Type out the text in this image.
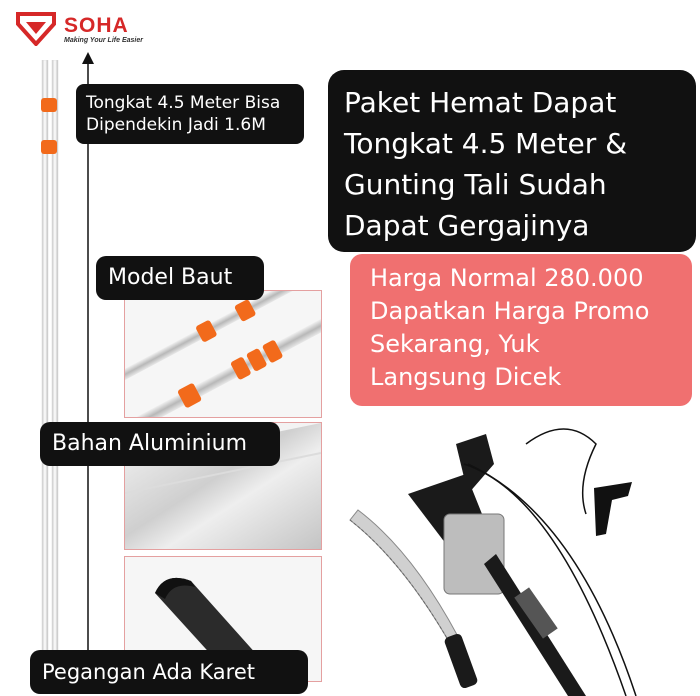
SOHA
Making Your Life Easier
Tongkat 4.5 Meter Bisa
Dipendekin Jadi 1.6M
Paket Hemat Dapat
Tongkat 4.5 Meter &
Gunting Tali Sudah
Dapat Gergajinya
Harga Normal 280.000
Dapatkan Harga Promo
Sekarang, Yuk
Langsung Dicek
Model Baut
Bahan Aluminium
Pegangan Ada Karet
